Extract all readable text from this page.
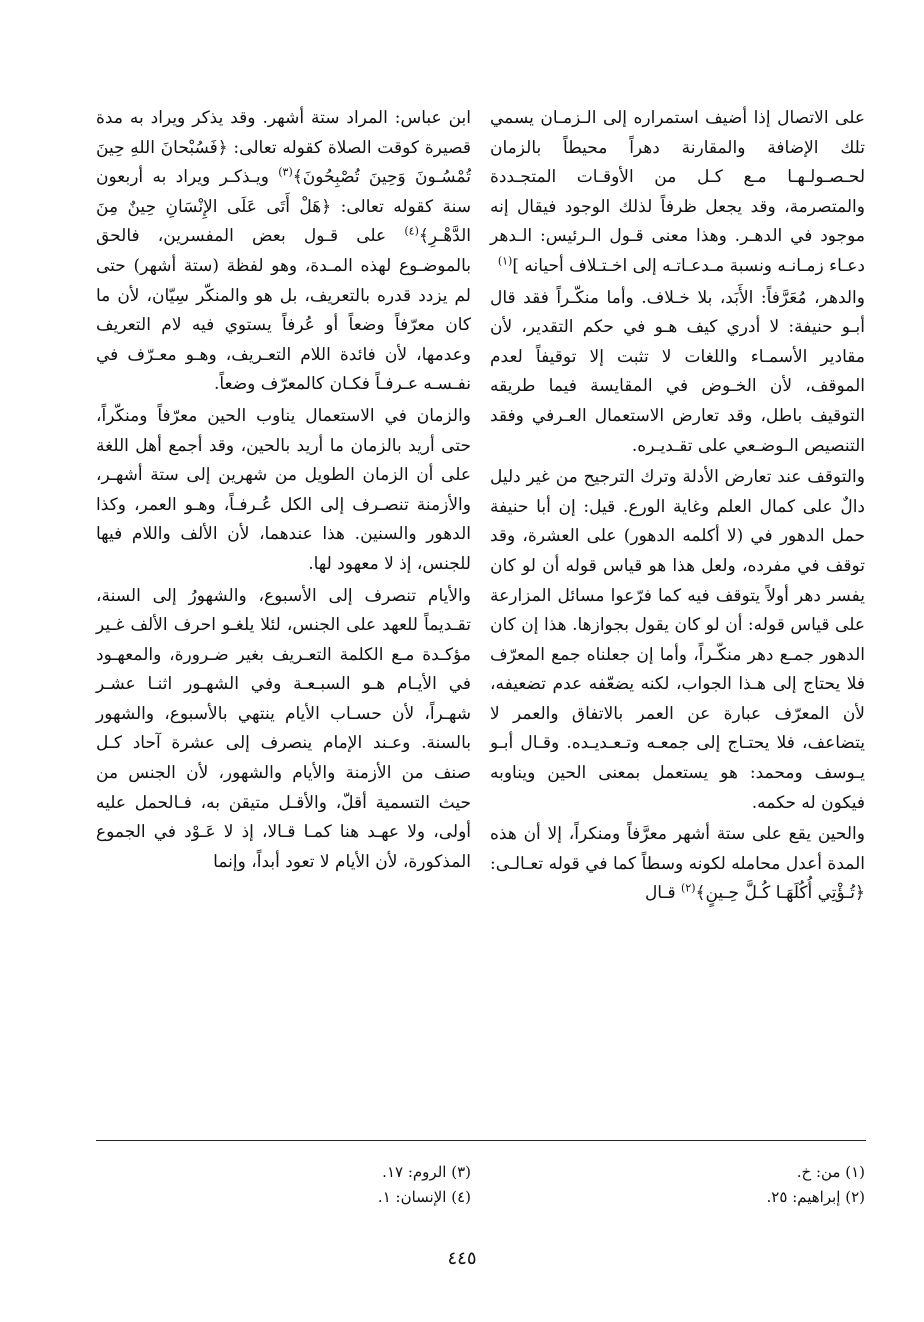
على الاتصال إذا أضيف استمراره إلى الـزمـان يسمي تلك الإضافة والمقارنة دهراً محيطاً بالزمان لحـصـولـهـا مـع كـل من الأوقـات المتجـددة والمتصرمة، وقد يجعل ظرفاً لذلك الوجود فيقال إنه موجود في الدهـر. وهذا معنى قـول الـرئيس: الـدهر دعـاء زمـانـه ونسبة مـدعـاتـه إلى اخـتـلاف أحيانه ]$^{(١)}$

والدهر، مُعَرَّفاً: الأَبَد، بلا خـلاف. وأما منكّـراً فقد قال أبـو حنيفة: لا أدري كيف هـو في حكم التقدير، لأن مقادير الأسمـاء واللغات لا تثبت إلا توقيفاً لعدم الموقف، لأن الخـوض في المقايسة فيما طريقه التوقيف باطل، وقد تعارض الاستعمال العـرفي وفقد التنصيص الـوضـعي على تقـديـره.

والتوقف عند تعارض الأدلة وترك الترجيح من غير دليل دالٌ على كمال العلم وغاية الورع. قيل: إن أبا حنيفة حمل الدهور في (لا أكلمه الدهور) على العشرة، وقد توقف في مفرده، ولعل هذا هو قياس قوله أن لو كان يفسر دهر أولاً يتوقف فيه كما فرّعوا مسائل المزارعة على قياس قوله: أن لو كان يقول بجوازها. هذا إن كان الدهور جمـع دهر منكّـراً، وأما إن جعلناه جمع المعرّف فلا يحتاج إلى هـذا الجواب، لكنه يضعّفه عدم تضعيفه، لأن المعرّف عبارة عن العمر بالاتفاق والعمر لا يتضاعف، فلا يحتـاج إلى جمعـه وتـعـديـده. وقـال أبـو يـوسف ومحمد: هو يستعمل بمعنى الحين ويناوبه فيكون له حكمه.

والحين يقع على ستة أشهر معرَّفاً ومنكراً، إلا أن هذه المدة أعدل محامله لكونه وسطاً كما في قوله تعـالـى: ﴿تُـؤْتِي أُكُلَهَـا كُـلَّ حِـينٍ﴾$^{(٢)}$ قـال

ابن عباس: المراد ستة أشهر. وقد يذكر ويراد به مدة قصيرة كوقت الصلاة كقوله تعالى: ﴿فَسُبْحانَ اللهِ حِينَ تُمْسُـونَ وَحِينَ تُصْبِحُونَ﴾$^{(٣)}$ ويـذكـر ويراد به أربعون سنة كقوله تعالى: ﴿هَلْ أَتَى عَلَى الإِنْسَانِ حِينٌ مِنَ الدَّهْـرِ﴾$^{(٤)}$ على قـول بعض المفسرين، فالحق بالموضـوع لهذه المـدة، وهو لفظة (ستة أشهر) حتى لم يزدد قدره بالتعريف، بل هو والمنكّر سِيّان، لأن ما كان معرّفاً وضعاً أو عُرفاً يستوي فيه لام التعريف وعدمها، لأن فائدة اللام التعـريف، وهـو معـرّف في نفـسـه عـرفـاً فكـان كالمعرّف وضعاً.

والزمان في الاستعمال يناوب الحين معرّفاً ومنكّراً، حتى أريد بالزمان ما أريد بالحين، وقد أجمع أهل اللغة على أن الزمان الطويل من شهرين إلى ستة أشهـر، والأزمنة تنصـرف إلى الكل عُـرفـاً، وهـو العمر، وكذا الدهور والسنين. هذا عندهما، لأن الألف واللام فيها للجنس، إذ لا معهود لها.

والأيام تنصرف إلى الأسبوع، والشهورُ إلى السنة، تقـديماً للعهد على الجنس، لئلا يلغـو احرف الألف غـير مؤكـدة مـع الكلمة التعـريف بغير ضـرورة، والمعهـود في الأيـام هـو السبـعـة وفي الشهـور اثنـا عشـر شهـراً، لأن حسـاب الأيام ينتهي بالأسبوع، والشهور بالسنة. وعـند الإمام ينصرف إلى عشرة آحاد كـل صنف من الأزمنة والأيام والشهور، لأن الجنس من حيث التسمية أقلّ، والأقـل متيقن به، فـالحمل عليه أولى، ولا عهـد هنا كمـا قـالا، إذ لا عَـوْد في الجموع المذكورة، لأن الأيام لا تعود أبداً، وإنما

(١) من: خ.
(٢) إبراهيم: ٢٥.
(٣) الروم: ١٧.
(٤) الإنسان: ١.
٤٤٥
